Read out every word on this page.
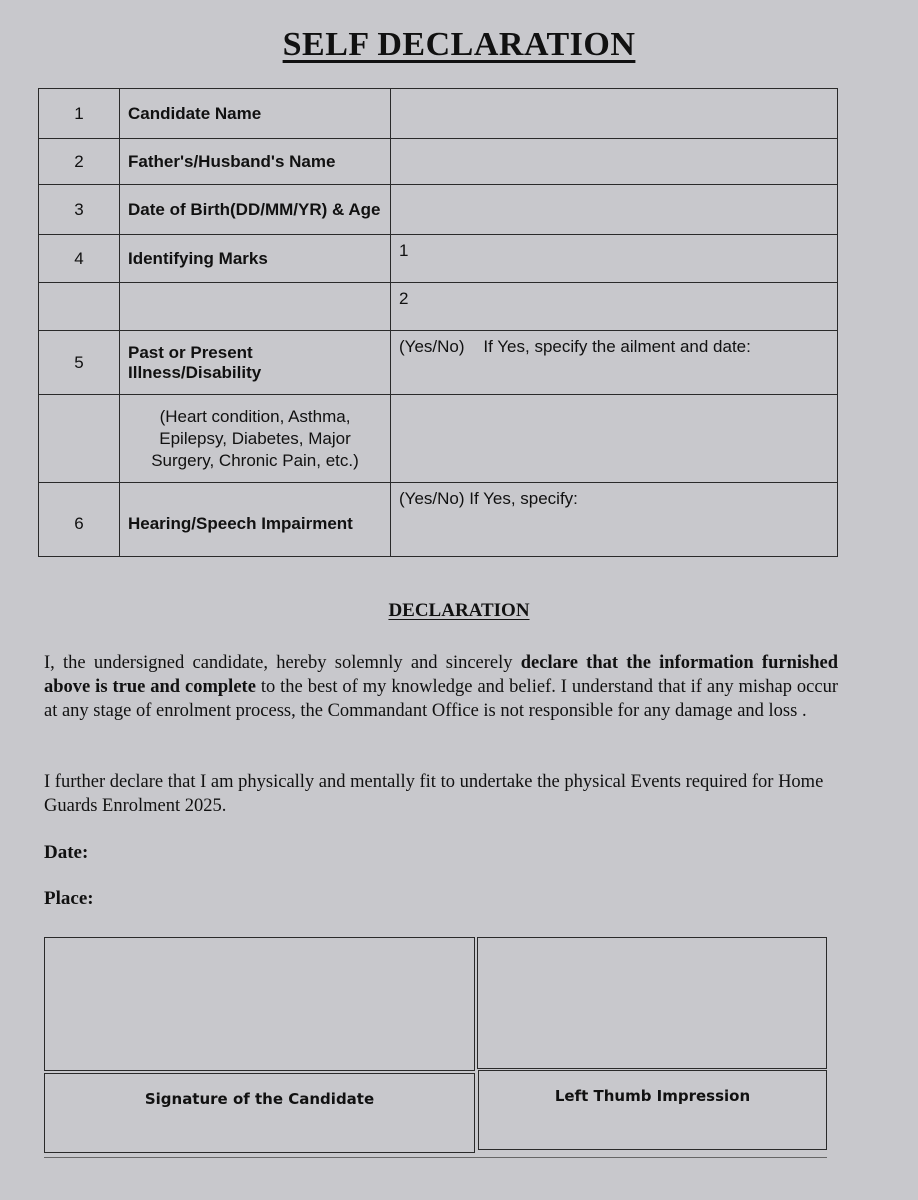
SELF DECLARATION
1	Candidate Name	
2	Father's/Husband's Name	
3	Date of Birth(DD/MM/YR) & Age	
4	Identifying Marks	1
		2
5	Past or Present Illness/Disability	(Yes/No)    If Yes, specify the ailment and date:
	(Heart condition, Asthma, Epilepsy, Diabetes, Major Surgery, Chronic Pain, etc.)	
6	Hearing/Speech Impairment	(Yes/No) If Yes, specify:
DECLARATION
I, the undersigned candidate, hereby solemnly and sincerely declare that the information furnished above is true and complete to the best of my knowledge and belief. I understand that if any mishap occur at any stage of enrolment process, the Commandant Office is not responsible for any damage and loss .
I further declare that I am physically and mentally fit to undertake the physical Events required for Home Guards Enrolment 2025.
Date:
Place:
Signature of the Candidate	Left Thumb Impression
